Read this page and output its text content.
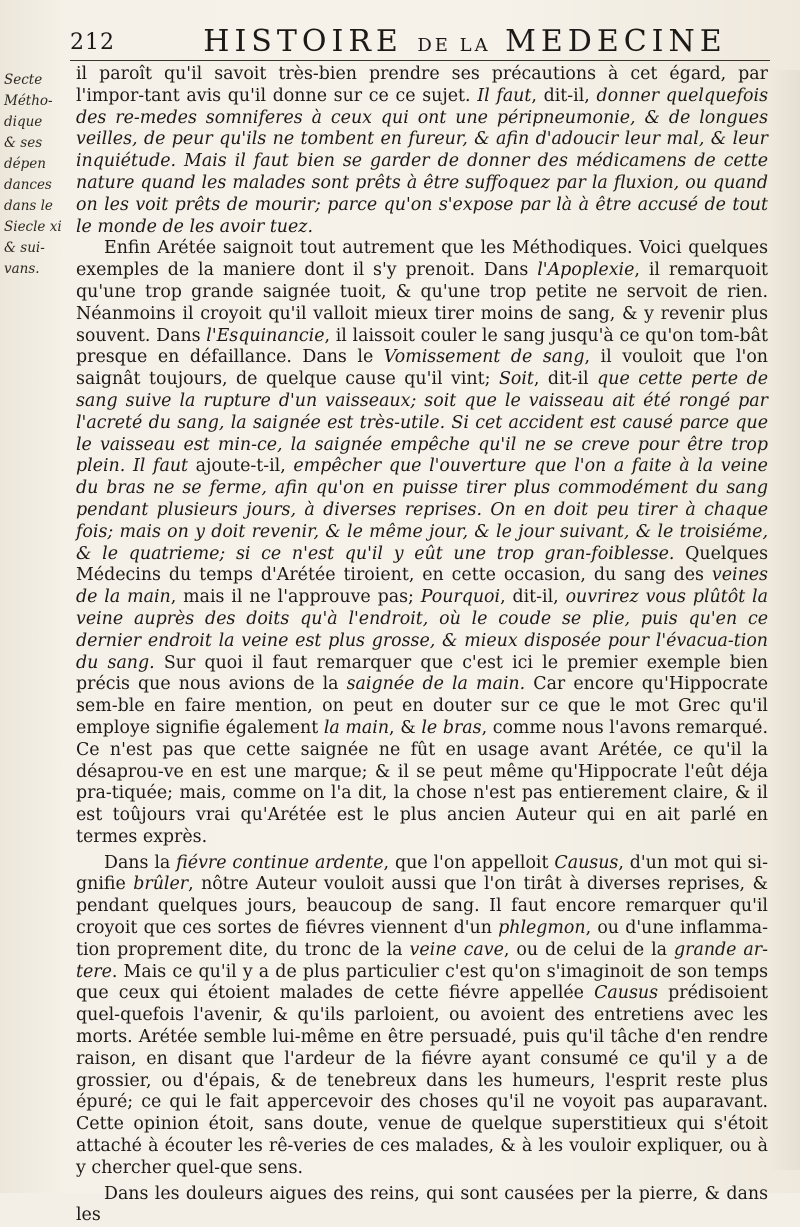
212	HISTOIRE DE LA MEDECINE
Secte
Métho-
dique
& ses
dépen
dances
dans le
Siecle xi
& sui-
vans.

il paroît qu'il savoit très-bien prendre ses précautions à cet égard, par l'impor-tant avis qu'il donne sur ce ce sujet. Il faut, dit-il, donner quelquefois des re-medes somniferes à ceux qui ont une péripneumonie, & de longues veilles, de peur qu'ils ne tombent en fureur, & afin d'adoucir leur mal, & leur inquiétude. Mais il faut bien se garder de donner des médicamens de cette nature quand les malades sont prêts à être suffoquez par la fluxion, ou quand on les voit prêts de mourir; parce qu'on s'expose par là à être accusé de tout le monde de les avoir tuez.

Enfin Arétée saignoit tout autrement que les Méthodiques. Voici quelques exemples de la maniere dont il s'y prenoit. Dans l'Apoplexie, il remarquoit qu'une trop grande saignée tuoit, & qu'une trop petite ne servoit de rien. Néanmoins il croyoit qu'il valloit mieux tirer moins de sang, & y revenir plus souvent. Dans l'Esquinancie, il laissoit couler le sang jusqu'à ce qu'on tom-bât presque en défaillance. Dans le Vomissement de sang, il vouloit que l'on saignât toujours, de quelque cause qu'il vint; Soit, dit-il que cette perte de sang suive la rupture d'un vaisseaux; soit que le vaisseau ait été rongé par l'acreté du sang, la saignée est très-utile. Si cet accident est causé parce que le vaisseau est min-ce, la saignée empêche qu'il ne se creve pour être trop plein. Il faut ajoute-t-il, empêcher que l'ouverture que l'on a faite à la veine du bras ne se ferme, afin qu'on en puisse tirer plus commodément du sang pendant plusieurs jours, à diverses reprises. On en doit peu tirer à chaque fois; mais on y doit revenir, & le même jour, & le jour suivant, & le troisiéme, & le quatrieme; si ce n'est qu'il y eût une trop gran-foiblesse. Quelques Médecins du temps d'Arétée tiroient, en cette occasion, du sang des veines de la main, mais il ne l'approuve pas; Pourquoi, dit-il, ouvrirez vous plûtôt la veine auprès des doits qu'à l'endroit, où le coude se plie, puis qu'en ce dernier endroit la veine est plus grosse, & mieux disposée pour l'évacua-tion du sang. Sur quoi il faut remarquer que c'est ici le premier exemple bien précis que nous avions de la saignée de la main. Car encore qu'Hippocrate sem-ble en faire mention, on peut en douter sur ce que le mot Grec qu'il employe signifie également la main, & le bras, comme nous l'avons remarqué. Ce n'est pas que cette saignée ne fût en usage avant Arétée, ce qu'il la désaprou-ve en est une marque; & il se peut même qu'Hippocrate l'eût déja pra-tiquée; mais, comme on l'a dit, la chose n'est pas entierement claire, & il est toûjours vrai qu'Arétée est le plus ancien Auteur qui en ait parlé en termes exprès.

Dans la fiévre continue ardente, que l'on appelloit Causus, d'un mot qui si-gnifie brûler, nôtre Auteur vouloit aussi que l'on tirât à diverses reprises, & pendant quelques jours, beaucoup de sang. Il faut encore remarquer qu'il croyoit que ces sortes de fiévres viennent d'un phlegmon, ou d'une inflamma-tion proprement dite, du tronc de la veine cave, ou de celui de la grande ar-tere. Mais ce qu'il y a de plus particulier c'est qu'on s'imaginoit de son temps que ceux qui étoient malades de cette fiévre appellée Causus prédisoient quel-quefois l'avenir, & qu'ils parloient, ou avoient des entretiens avec les morts. Arétée semble lui-même en être persuadé, puis qu'il tâche d'en rendre raison, en disant que l'ardeur de la fiévre ayant consumé ce qu'il y a de grossier, ou d'épais, & de tenebreux dans les humeurs, l'esprit reste plus épuré; ce qui le fait appercevoir des choses qu'il ne voyoit pas auparavant. Cette opinion étoit, sans doute, venue de quelque superstitieux qui s'étoit attaché à écouter les rê-veries de ces malades, & à les vouloir expliquer, ou à y chercher quel-que sens.

Dans les douleurs aigues des reins, qui sont causées per la pierre, & dans les
